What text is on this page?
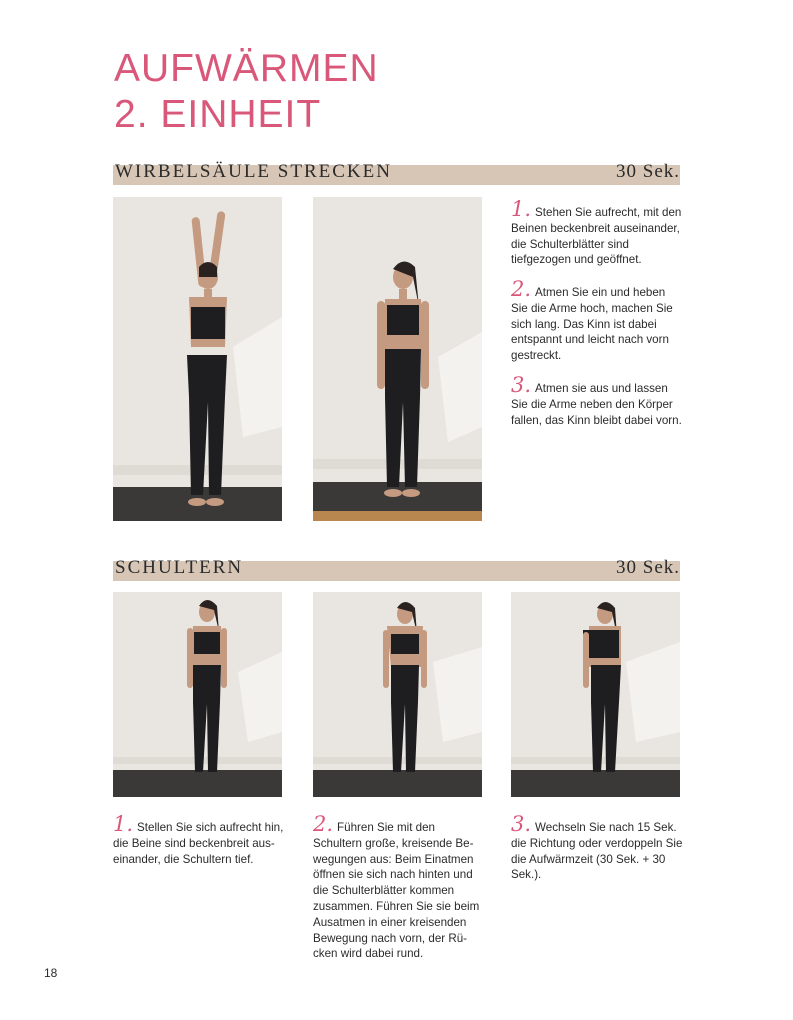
AUFWÄRMEN
2. EINHEIT
WIRBELSÄULE STRECKEN	30 Sek.
1. Stehen Sie aufrecht, mit den Beinen beckenbreit auseinander, die Schulterblätter sind tiefgezogen und geöffnet.
2. Atmen Sie ein und heben Sie die Arme hoch, machen Sie sich lang. Das Kinn ist dabei entspannt und leicht nach vorn gestreckt.
3. Atmen sie aus und lassen Sie die Arme neben den Körper fallen, das Kinn bleibt dabei vorn.
SCHULTERN	30 Sek.
1. Stellen Sie sich aufrecht hin, die Beine sind beckenbreit auseinander, die Schultern tief.
2. Führen Sie mit den Schultern große, kreisende Bewegungen aus: Beim Einatmen öffnen sie sich nach hinten und die Schulterblätter kommen zusammen. Führen Sie sie beim Ausatmen in einer kreisenden Bewegung nach vorn, der Rücken wird dabei rund.
3. Wechseln Sie nach 15 Sek. die Richtung oder verdoppeln Sie die Aufwärmzeit (30 Sek. + 30 Sek.).
18
